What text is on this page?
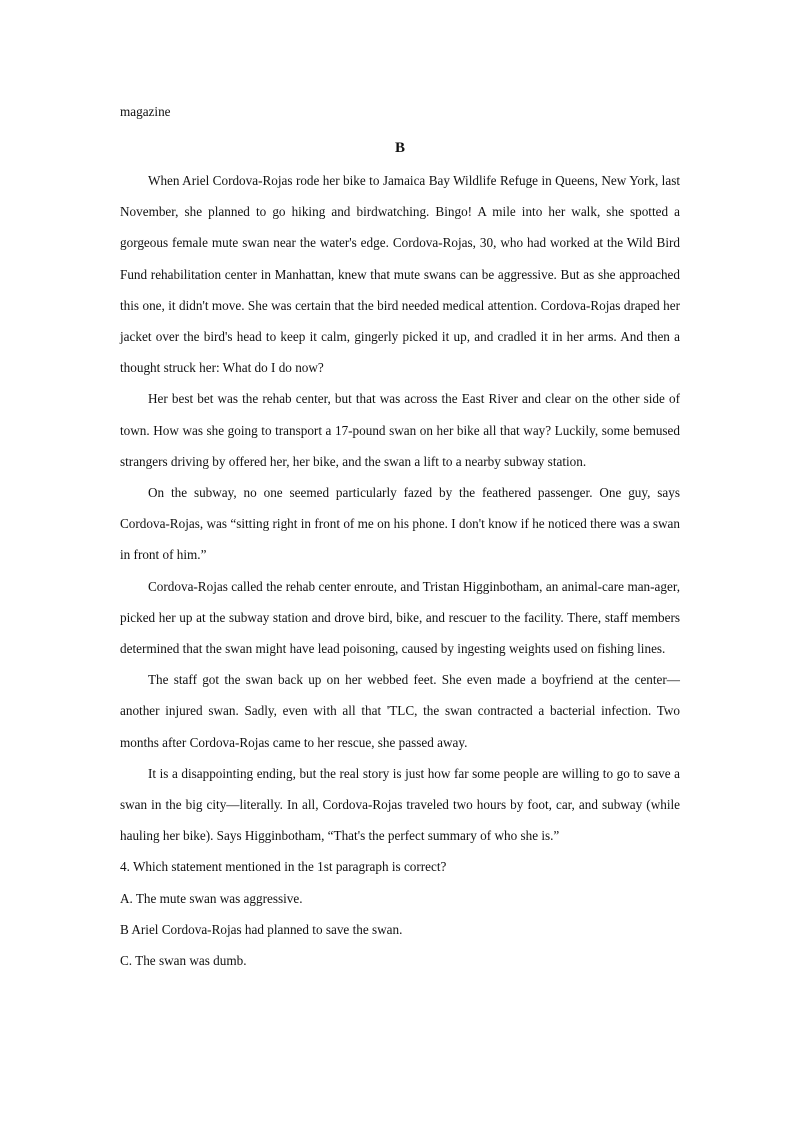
magazine

B

When Ariel Cordova-Rojas rode her bike to Jamaica Bay Wildlife Refuge in Queens, New York, last November, she planned to go hiking and birdwatching. Bingo! A mile into her walk, she spotted a gorgeous female mute swan near the water's edge. Cordova-Rojas, 30, who had worked at the Wild Bird Fund rehabilitation center in Manhattan, knew that mute swans can be aggressive. But as she approached this one, it didn't move. She was certain that the bird needed medical attention. Cordova-Rojas draped her jacket over the bird's head to keep it calm, gingerly picked it up, and cradled it in her arms. And then a thought struck her: What do I do now?

Her best bet was the rehab center, but that was across the East River and clear on the other side of town. How was she going to transport a 17-pound swan on her bike all that way? Luckily, some bemused strangers driving by offered her, her bike, and the swan a lift to a nearby subway station.

On the subway, no one seemed particularly fazed by the feathered passenger. One guy, says Cordova-Rojas, was “sitting right in front of me on his phone. I don't know if he noticed there was a swan in front of him.”

Cordova-Rojas called the rehab center enroute, and Tristan Higginbotham, an animal-care man-ager, picked her up at the subway station and drove bird, bike, and rescuer to the facility. There, staff members determined that the swan might have lead poisoning, caused by ingesting weights used on fishing lines.

The staff got the swan back up on her webbed feet. She even made a boyfriend at the center—another injured swan. Sadly, even with all that 'TLC, the swan contracted a bacterial infection. Two months after Cordova-Rojas came to her rescue, she passed away.

It is a disappointing ending, but the real story is just how far some people are willing to go to save a swan in the big city—literally. In all, Cordova-Rojas traveled two hours by foot, car, and subway (while hauling her bike). Says Higginbotham, “That's the perfect summary of who she is.”

4. Which statement mentioned in the 1st paragraph is correct?

A. The mute swan was aggressive.

B Ariel Cordova-Rojas had planned to save the swan.

C. The swan was dumb.
